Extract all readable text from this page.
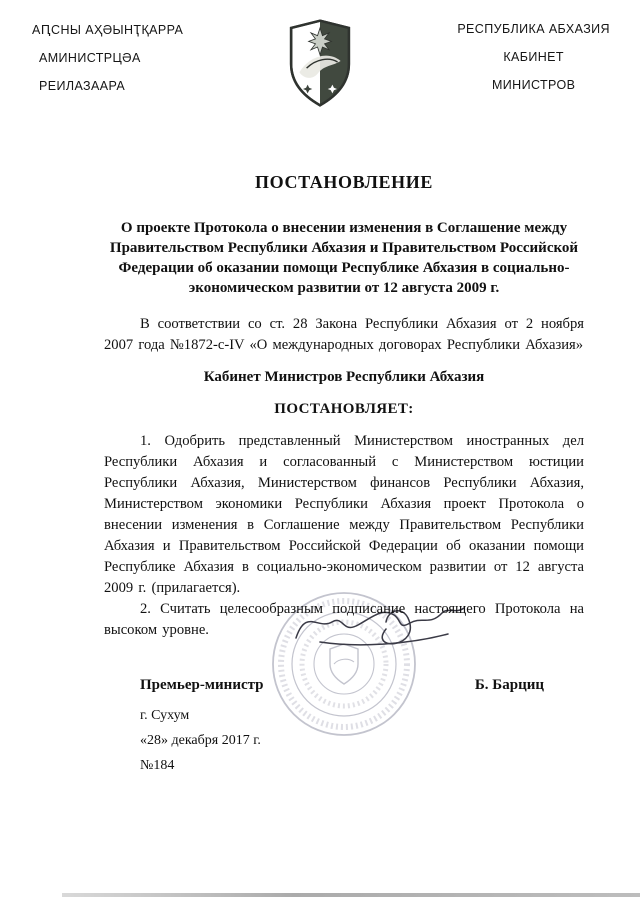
АԤСНЫ АҲӘЫНҬҚАРРА
АМИНИСТРЦӘА
РЕИЛАЗААРА
РЕСПУБЛИКА АБХАЗИЯ
КАБИНЕТ
МИНИСТРОВ
ПОСТАНОВЛЕНИЕ

О проекте Протокола о внесении изменения в Соглашение между Правительством Республики Абхазия и Правительством Российской Федерации об оказании помощи Республике Абхазия в социально-экономическом развитии от 12 августа 2009 г.

В соответствии со ст. 28 Закона Республики Абхазия от 2 ноября 2007 года №1872-с-IV «О международных договорах Республики Абхазия»

Кабинет Министров Республики Абхазия

ПОСТАНОВЛЯЕТ:

1. Одобрить представленный Министерством иностранных дел Республики Абхазия и согласованный с Министерством юстиции Республики Абхазия, Министерством финансов Республики Абхазия, Министерством экономики Республики Абхазия проект Протокола о внесении изменения в Соглашение между Правительством Республики Абхазия и Правительством Российской Федерации об оказании помощи Республике Абхазия в социально-экономическом развитии от 12 августа 2009 г. (прилагается).

2. Считать целесообразным подписание настоящего Протокола на высоком уровне.

Премьер-министр	Б. Барциц
г. Сухум
«28» декабря 2017 г.
№184
